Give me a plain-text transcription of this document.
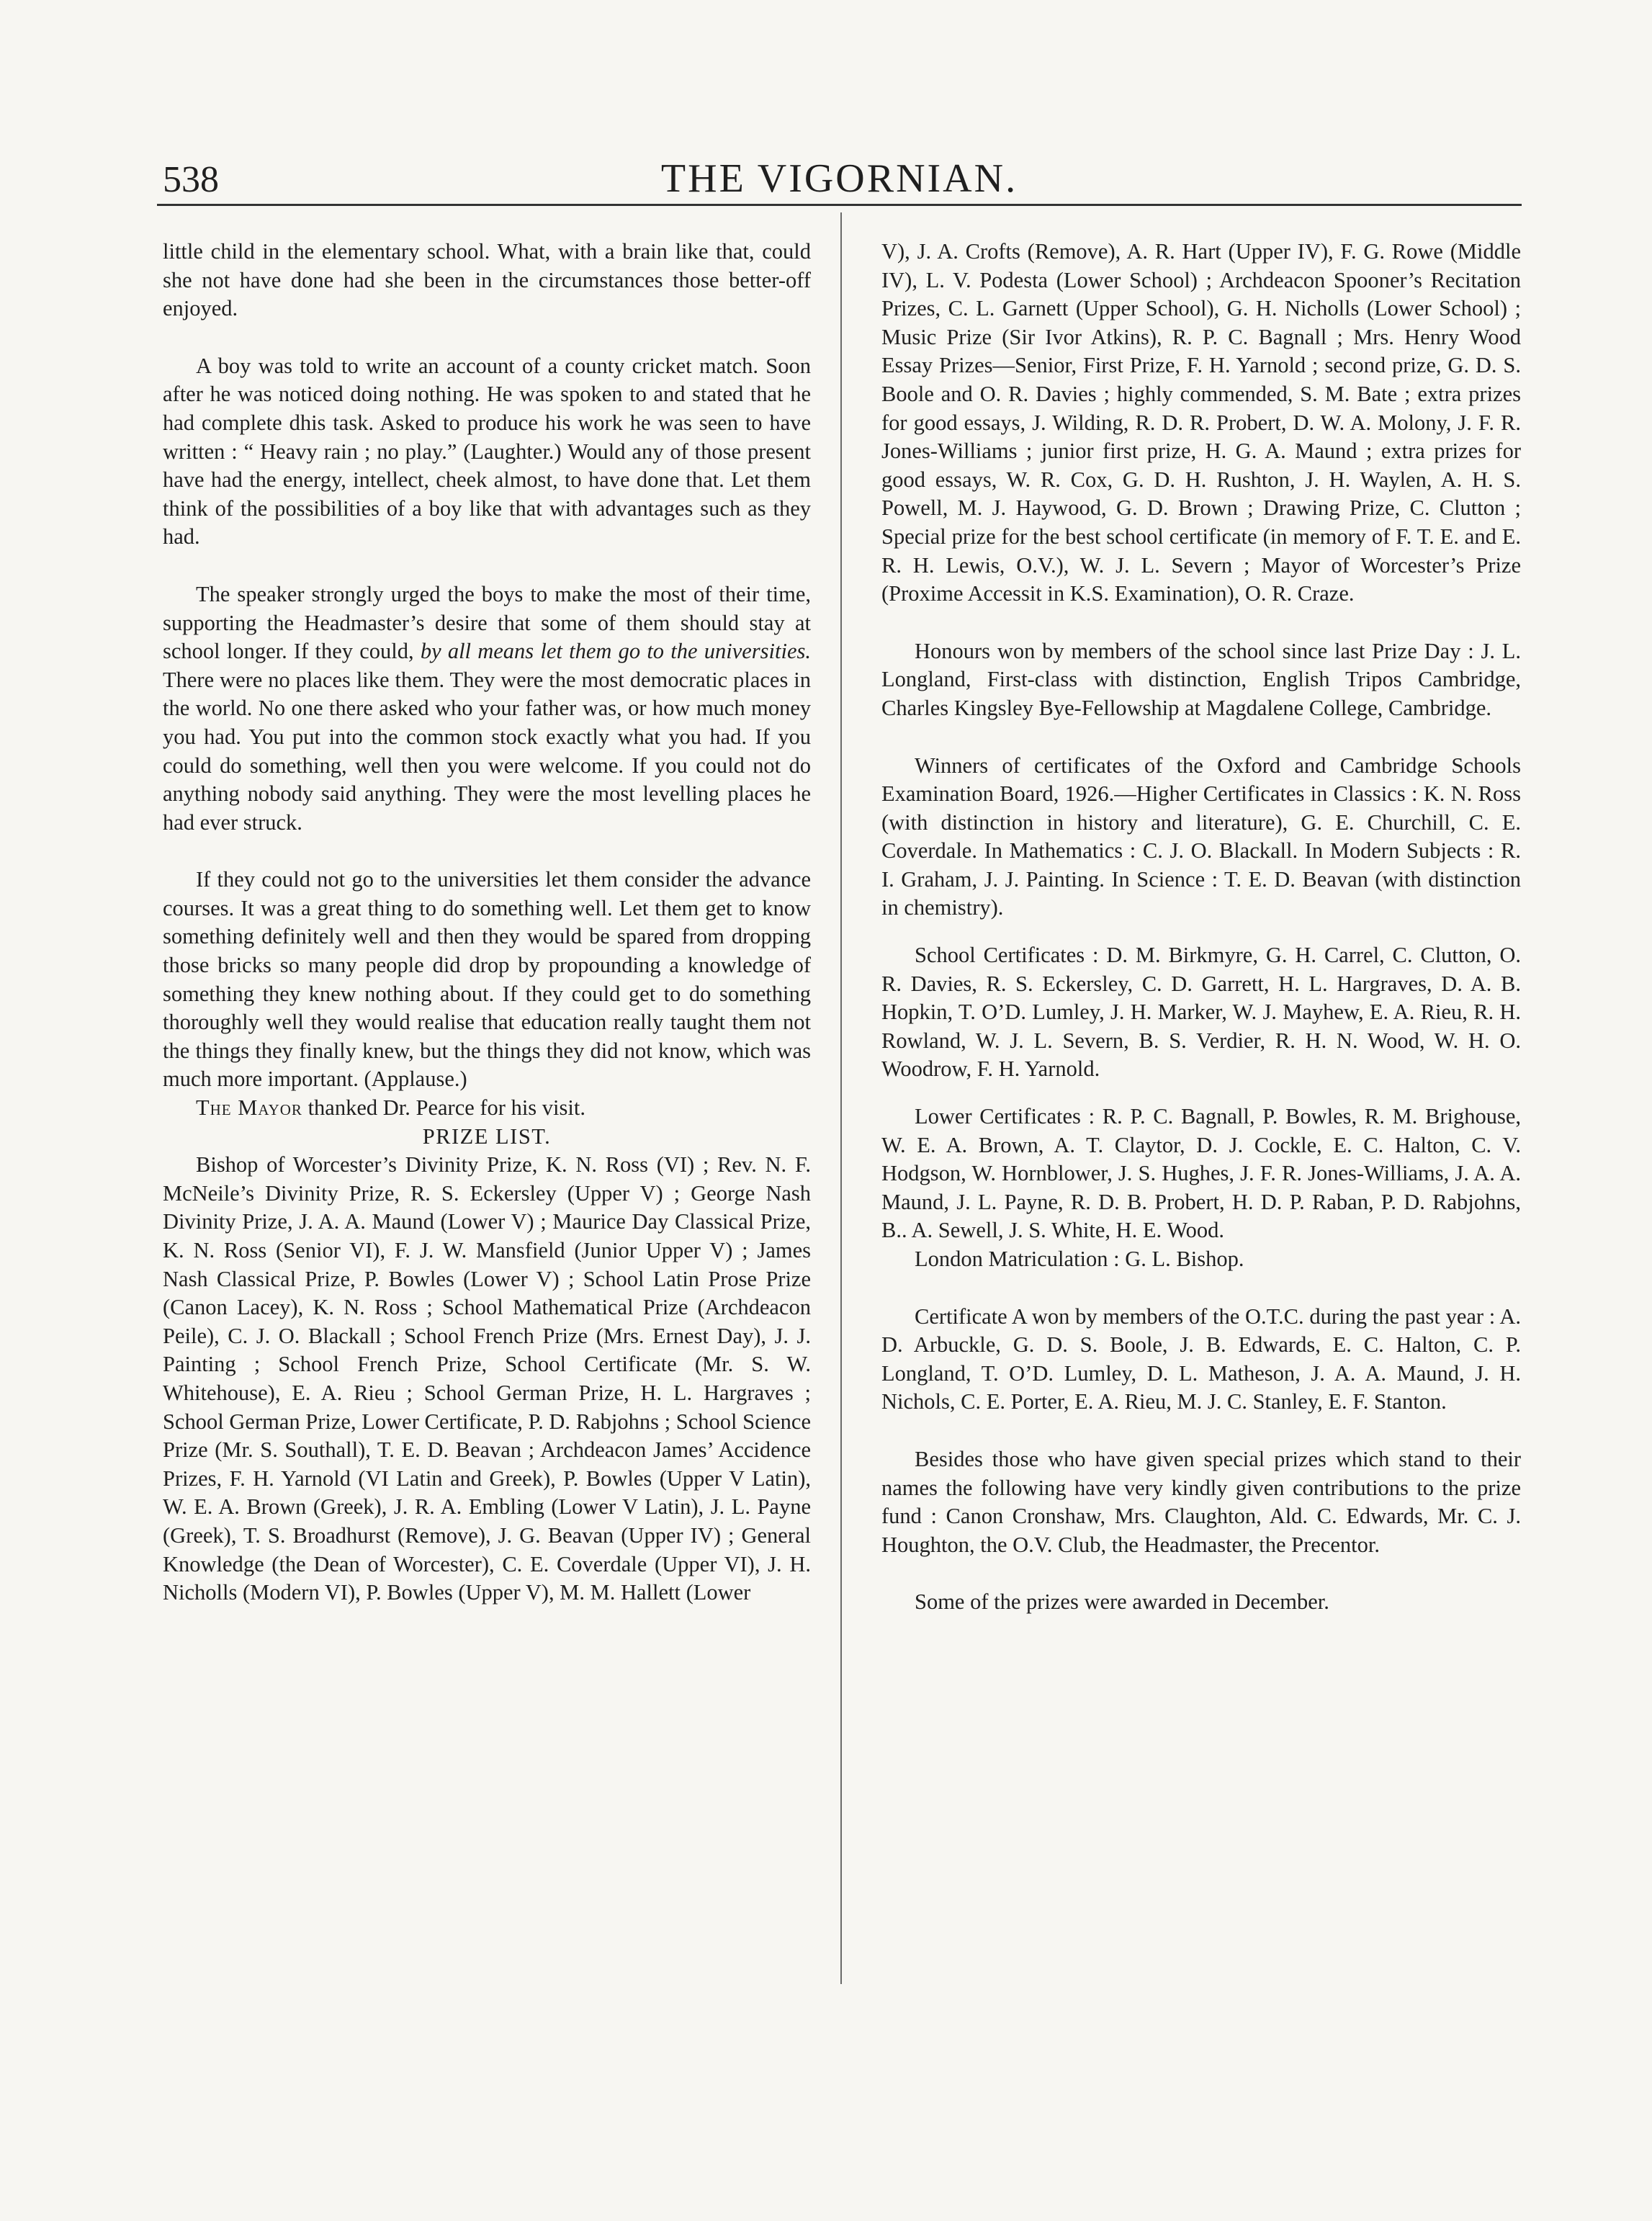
538	THE VIGORNIAN.

little child in the elementary school. What, with a brain like that, could she not have done had she been in the circumstances those better-off enjoyed.

A boy was told to write an account of a county cricket match. Soon after he was noticed doing nothing. He was spoken to and stated that he had complete dhis task. Asked to produce his work he was seen to have written : “ Heavy rain ; no play.” (Laughter.) Would any of those present have had the energy, intellect, cheek almost, to have done that. Let them think of the possibilities of a boy like that with advantages such as they had.

The speaker strongly urged the boys to make the most of their time, supporting the Headmaster’s desire that some of them should stay at school longer. If they could, by all means let them go to the universities. There were no places like them. They were the most democratic places in the world. No one there asked who your father was, or how much money you had. You put into the common stock exactly what you had. If you could do something, well then you were welcome. If you could not do anything nobody said anything. They were the most levelling places he had ever struck.

If they could not go to the universities let them consider the advance courses. It was a great thing to do something well. Let them get to know something definitely well and then they would be spared from dropping those bricks so many people did drop by propounding a knowledge of something they knew nothing about. If they could get to do something thoroughly well they would realise that education really taught them not the things they finally knew, but the things they did not know, which was much more important. (Applause.)

The Mayor thanked Dr. Pearce for his visit.

PRIZE LIST.

Bishop of Worcester’s Divinity Prize, K. N. Ross (VI) ; Rev. N. F. McNeile’s Divinity Prize, R. S. Eckersley (Upper V) ; George Nash Divinity Prize, J. A. A. Maund (Lower V) ; Maurice Day Classical Prize, K. N. Ross (Senior VI), F. J. W. Mansfield (Junior Upper V) ; James Nash Classical Prize, P. Bowles (Lower V) ; School Latin Prose Prize (Canon Lacey), K. N. Ross ; School Mathematical Prize (Archdeacon Peile), C. J. O. Blackall ; School French Prize (Mrs. Ernest Day), J. J. Painting ; School French Prize, School Certificate (Mr. S. W. Whitehouse), E. A. Rieu ; School German Prize, H. L. Hargraves ; School German Prize, Lower Certificate, P. D. Rabjohns ; School Science Prize (Mr. S. Southall), T. E. D. Beavan ; Archdeacon James’ Accidence Prizes, F. H. Yarnold (VI Latin and Greek), P. Bowles (Upper V Latin), W. E. A. Brown (Greek), J. R. A. Embling (Lower V Latin), J. L. Payne (Greek), T. S. Broadhurst (Remove), J. G. Beavan (Upper IV) ; General Knowledge (the Dean of Worcester), C. E. Coverdale (Upper VI), J. H. Nicholls (Modern VI), P. Bowles (Upper V), M. M. Hallett (Lower

V), J. A. Crofts (Remove), A. R. Hart (Upper IV), F. G. Rowe (Middle IV), L. V. Podesta (Lower School) ; Archdeacon Spooner’s Recitation Prizes, C. L. Garnett (Upper School), G. H. Nicholls (Lower School) ; Music Prize (Sir Ivor Atkins), R. P. C. Bagnall ; Mrs. Henry Wood Essay Prizes—Senior, First Prize, F. H. Yarnold ; second prize, G. D. S. Boole and O. R. Davies ; highly commended, S. M. Bate ; extra prizes for good essays, J. Wilding, R. D. R. Probert, D. W. A. Molony, J. F. R. Jones-Williams ; junior first prize, H. G. A. Maund ; extra prizes for good essays, W. R. Cox, G. D. H. Rushton, J. H. Waylen, A. H. S. Powell, M. J. Haywood, G. D. Brown ; Drawing Prize, C. Clutton ; Special prize for the best school certificate (in memory of F. T. E. and E. R. H. Lewis, O.V.), W. J. L. Severn ; Mayor of Worcester’s Prize (Proxime Accessit in K.S. Examination), O. R. Craze.

Honours won by members of the school since last Prize Day : J. L. Longland, First-class with distinction, English Tripos Cambridge, Charles Kingsley Bye-Fellowship at Magdalene College, Cambridge.

Winners of certificates of the Oxford and Cambridge Schools Examination Board, 1926.—Higher Certificates in Classics : K. N. Ross (with distinction in history and literature), G. E. Churchill, C. E. Coverdale. In Mathematics : C. J. O. Blackall. In Modern Subjects : R. I. Graham, J. J. Painting. In Science : T. E. D. Beavan (with distinction in chemistry).

School Certificates : D. M. Birkmyre, G. H. Carrel, C. Clutton, O. R. Davies, R. S. Eckersley, C. D. Garrett, H. L. Hargraves, D. A. B. Hopkin, T. O’D. Lumley, J. H. Marker, W. J. Mayhew, E. A. Rieu, R. H. Rowland, W. J. L. Severn, B. S. Verdier, R. H. N. Wood, W. H. O. Woodrow, F. H. Yarnold.

Lower Certificates : R. P. C. Bagnall, P. Bowles, R. M. Brighouse, W. E. A. Brown, A. T. Claytor, D. J. Cockle, E. C. Halton, C. V. Hodgson, W. Hornblower, J. S. Hughes, J. F. R. Jones-Williams, J. A. A. Maund, J. L. Payne, R. D. B. Probert, H. D. P. Raban, P. D. Rabjohns, B.. A. Sewell, J. S. White, H. E. Wood.

London Matriculation : G. L. Bishop.

Certificate A won by members of the O.T.C. during the past year : A. D. Arbuckle, G. D. S. Boole, J. B. Edwards, E. C. Halton, C. P. Longland, T. O’D. Lumley, D. L. Matheson, J. A. A. Maund, J. H. Nichols, C. E. Porter, E. A. Rieu, M. J. C. Stanley, E. F. Stanton.

Besides those who have given special prizes which stand to their names the following have very kindly given contributions to the prize fund : Canon Cronshaw, Mrs. Claughton, Ald. C. Edwards, Mr. C. J. Houghton, the O.V. Club, the Headmaster, the Precentor.

Some of the prizes were awarded in December.
